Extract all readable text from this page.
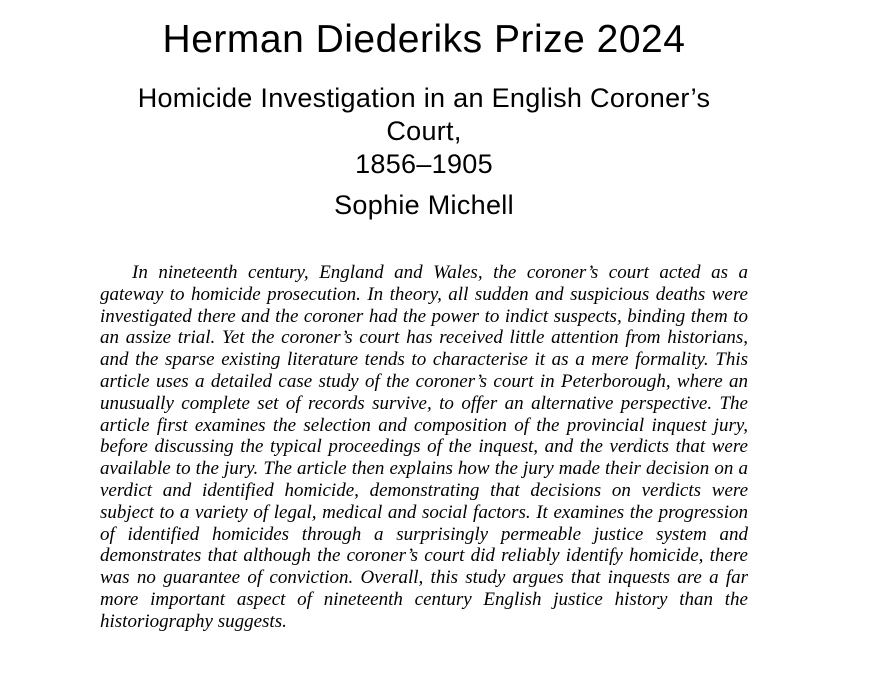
Herman Diederiks Prize 2024
Homicide Investigation in an English Coroner’s Court,
1856–1905
Sophie Michell

In nineteenth century, England and Wales, the coroner’s court acted as a gateway to homicide prosecution. In theory, all sudden and suspicious deaths were investigated there and the coroner had the power to indict suspects, binding them to an assize trial. Yet the coroner’s court has received little attention from historians, and the sparse existing literature tends to characterise it as a mere formality. This article uses a detailed case study of the coroner’s court in Peterborough, where an unusually complete set of records survive, to offer an alternative perspective. The article first examines the selection and composition of the provincial inquest jury, before discussing the typical proceedings of the inquest, and the verdicts that were available to the jury. The article then explains how the jury made their decision on a verdict and identified homicide, demonstrating that decisions on verdicts were subject to a variety of legal, medical and social factors. It examines the progression of identified homicides through a surprisingly permeable justice system and demonstrates that although the coroner’s court did reliably identify homicide, there was no guarantee of conviction. Overall, this study argues that inquests are a far more important aspect of nineteenth century English justice history than the historiography suggests.
